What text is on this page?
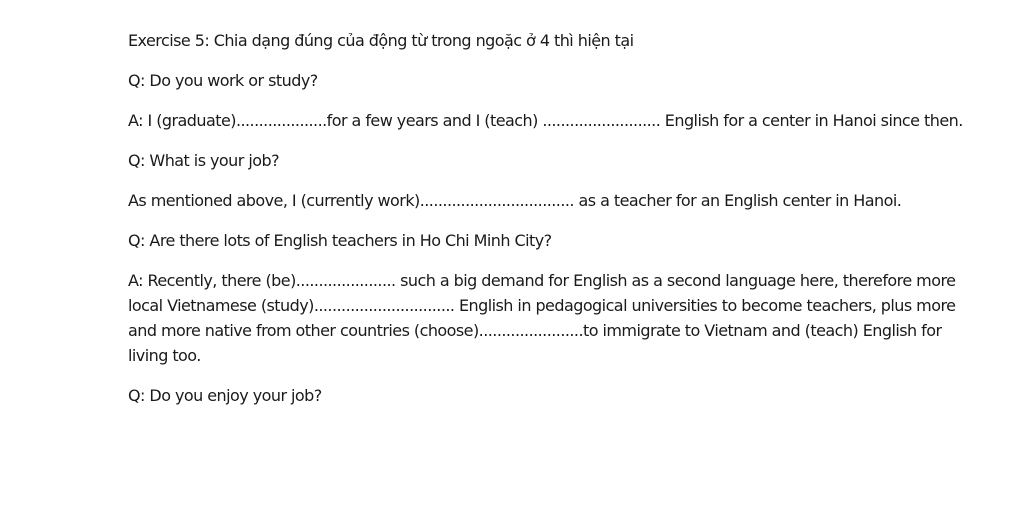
Exercise 5: Chia dạng đúng của động từ trong ngoặc ở 4 thì hiện tại

Q: Do you work or study?

A: I (graduate)....................for a few years and I (teach) .......................... English for a center in Hanoi since then.

Q: What is your job?

As mentioned above, I (currently work).................................. as a teacher for an English center in Hanoi.

Q: Are there lots of English teachers in Ho Chi Minh City?

A: Recently, there (be)...................... such a big demand for English as a second language here, therefore more local Vietnamese (study)............................... English in pedagogical universities to become teachers, plus more and more native from other countries (choose).......................to immigrate to Vietnam and (teach) English for living too.

Q: Do you enjoy your job?
